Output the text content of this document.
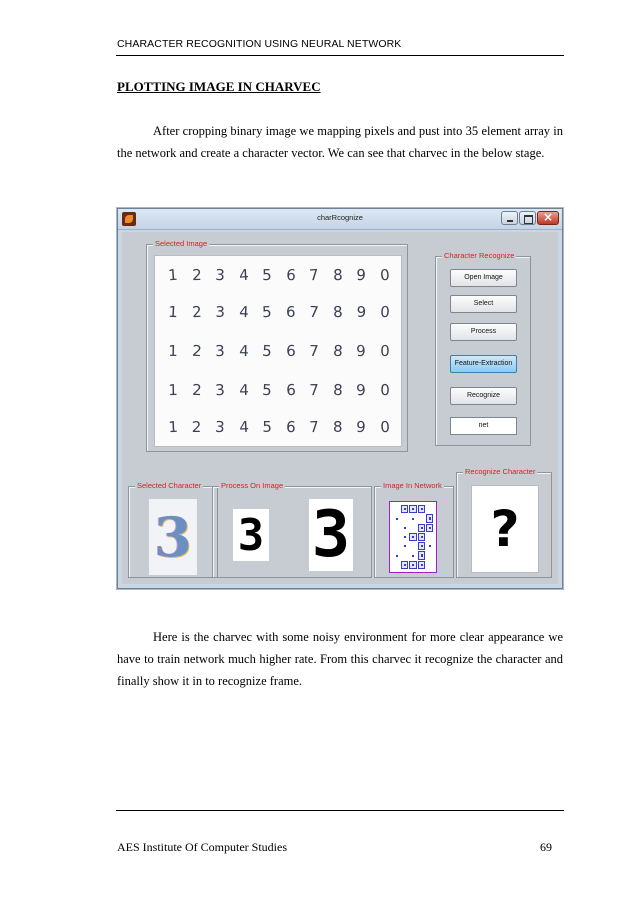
CHARACTER RECOGNITION USING NEURAL NETWORK
PLOTTING IMAGE IN CHARVEC

After cropping binary image we mapping pixels and pust into 35 element array in the network and create a character vector. We can see that charvec in the below stage.

charRcognize
×
Selected Image
1 2 3 4 5 6 7 8 9 0
1 2 3 4 5 6 7 8 9 0
1 2 3 4 5 6 7 8 9 0
1 2 3 4 5 6 7 8 9 0
1 2 3 4 5 6 7 8 9 0
Character Recognize
Open Image
Select
Process
Feature-Extraction
Recognize
net
Selected Character
3
Process On Image
3 3
Image In Network
Recognize Character
?

Here is the charvec with some noisy environment for more clear appearance we have to train network much higher rate. From this charvec it recognize the character and finally show it in to recognize frame.

AES Institute Of Computer Studies	69
